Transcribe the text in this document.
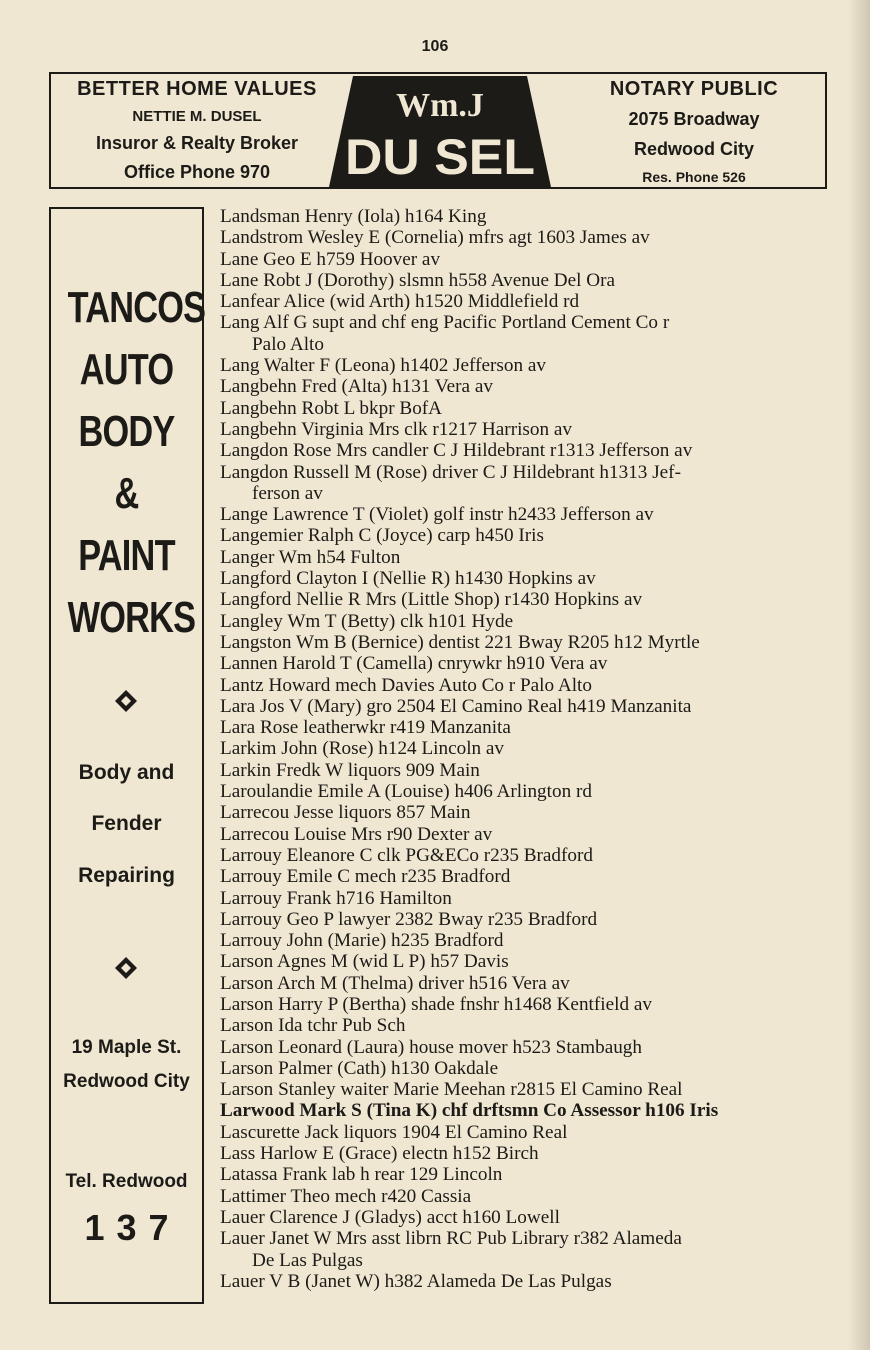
106
BETTER HOME VALUES
NETTIE M. DUSEL
Insuror & Realty Broker
Office Phone 970
Wm.J
DU SEL
NOTARY PUBLIC
2075 Broadway
Redwood City
Res. Phone 526
TANCOS
AUTO
BODY
&
PAINT
WORKS
Body and
Fender
Repairing
19 Maple St.
Redwood City
Tel. Redwood
137
Landsman Henry (Iola) h164 King
Landstrom Wesley E (Cornelia) mfrs agt 1603 James av
Lane Geo E h759 Hoover av
Lane Robt J (Dorothy) slsmn h558 Avenue Del Ora
Lanfear Alice (wid Arth) h1520 Middlefield rd
Lang Alf G supt and chf eng Pacific Portland Cement Co r
Palo Alto
Lang Walter F (Leona) h1402 Jefferson av
Langbehn Fred (Alta) h131 Vera av
Langbehn Robt L bkpr BofA
Langbehn Virginia Mrs clk r1217 Harrison av
Langdon Rose Mrs candler C J Hildebrant r1313 Jefferson av
Langdon Russell M (Rose) driver C J Hildebrant h1313 Jef-
ferson av
Lange Lawrence T (Violet) golf instr h2433 Jefferson av
Langemier Ralph C (Joyce) carp h450 Iris
Langer Wm h54 Fulton
Langford Clayton I (Nellie R) h1430 Hopkins av
Langford Nellie R Mrs (Little Shop) r1430 Hopkins av
Langley Wm T (Betty) clk h101 Hyde
Langston Wm B (Bernice) dentist 221 Bway R205 h12 Myrtle
Lannen Harold T (Camella) cnrywkr h910 Vera av
Lantz Howard mech Davies Auto Co r Palo Alto
Lara Jos V (Mary) gro 2504 El Camino Real h419 Manzanita
Lara Rose leatherwkr r419 Manzanita
Larkim John (Rose) h124 Lincoln av
Larkin Fredk W liquors 909 Main
Laroulandie Emile A (Louise) h406 Arlington rd
Larrecou Jesse liquors 857 Main
Larrecou Louise Mrs r90 Dexter av
Larrouy Eleanore C clk PG&ECo r235 Bradford
Larrouy Emile C mech r235 Bradford
Larrouy Frank h716 Hamilton
Larrouy Geo P lawyer 2382 Bway r235 Bradford
Larrouy John (Marie) h235 Bradford
Larson Agnes M (wid L P) h57 Davis
Larson Arch M (Thelma) driver h516 Vera av
Larson Harry P (Bertha) shade fnshr h1468 Kentfield av
Larson Ida tchr Pub Sch
Larson Leonard (Laura) house mover h523 Stambaugh
Larson Palmer (Cath) h130 Oakdale
Larson Stanley waiter Marie Meehan r2815 El Camino Real
Larwood Mark S (Tina K) chf drftsmn Co Assessor h106 Iris
Lascurette Jack liquors 1904 El Camino Real
Lass Harlow E (Grace) electn h152 Birch
Latassa Frank lab h rear 129 Lincoln
Lattimer Theo mech r420 Cassia
Lauer Clarence J (Gladys) acct h160 Lowell
Lauer Janet W Mrs asst librn RC Pub Library r382 Alameda
De Las Pulgas
Lauer V B (Janet W) h382 Alameda De Las Pulgas
